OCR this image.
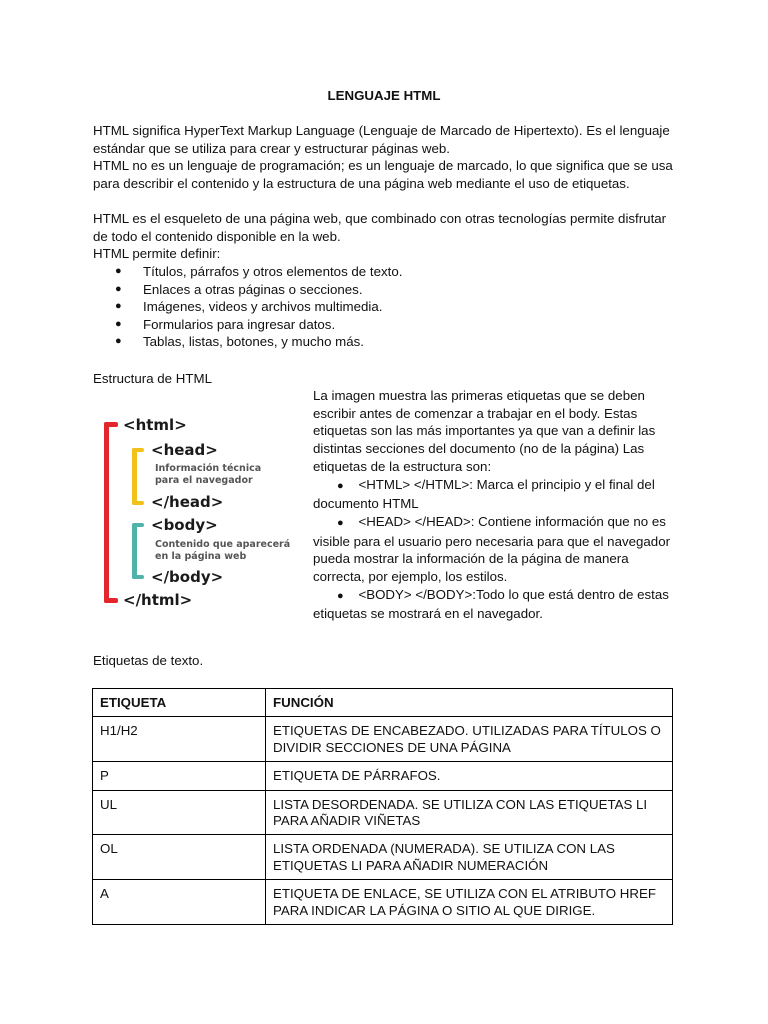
LENGUAJE HTML

HTML significa HyperText Markup Language (Lenguaje de Marcado de Hipertexto). Es el lenguaje estándar que se utiliza para crear y estructurar páginas web.

HTML no es un lenguaje de programación; es un lenguaje de marcado, lo que significa que se usa para describir el contenido y la estructura de una página web mediante el uso de etiquetas.

HTML es el esqueleto de una página web, que combinado con otras tecnologías permite disfrutar de todo el contenido disponible en la web.

HTML permite definir:

● Títulos, párrafos y otros elementos de texto.
● Enlaces a otras páginas o secciones.
● Imágenes, videos y archivos multimedia.
● Formularios para ingresar datos.
● Tablas, listas, botones, y mucho más.
Estructura de HTML
<html>
<head>
Información técnica
para el navegador
</head>
<body>
Contenido que aparecerá
en la página web
</body>
</html>

La imagen muestra las primeras etiquetas que se deben escribir antes de comenzar a trabajar en el body. Estas etiquetas son las más importantes ya que van a definir las distintas secciones del documento (no de la página) Las etiquetas de la estructura son:

● <HTML> </HTML>: Marca el principio y el final del documento HTML

● <HEAD> </HEAD>: Contiene información que no es visible para el usuario pero necesaria para que el navegador pueda mostrar la información de la página de manera correcta, por ejemplo, los estilos.

● <BODY> </BODY>:Todo lo que está dentro de estas etiquetas se mostrará en el navegador.

Etiquetas de texto.
ETIQUETA	FUNCIÓN
H1/H2	ETIQUETAS DE ENCABEZADO. UTILIZADAS PARA TÍTULOS O DIVIDIR SECCIONES DE UNA PÁGINA
P	ETIQUETA DE PÁRRAFOS.
UL	LISTA DESORDENADA. SE UTILIZA CON LAS ETIQUETAS LI PARA AÑADIR VIÑETAS
OL	LISTA ORDENADA (NUMERADA). SE UTILIZA CON LAS ETIQUETAS LI PARA AÑADIR NUMERACIÓN
A	ETIQUETA DE ENLACE, SE UTILIZA CON EL ATRIBUTO HREF PARA INDICAR LA PÁGINA O SITIO AL QUE DIRIGE.
